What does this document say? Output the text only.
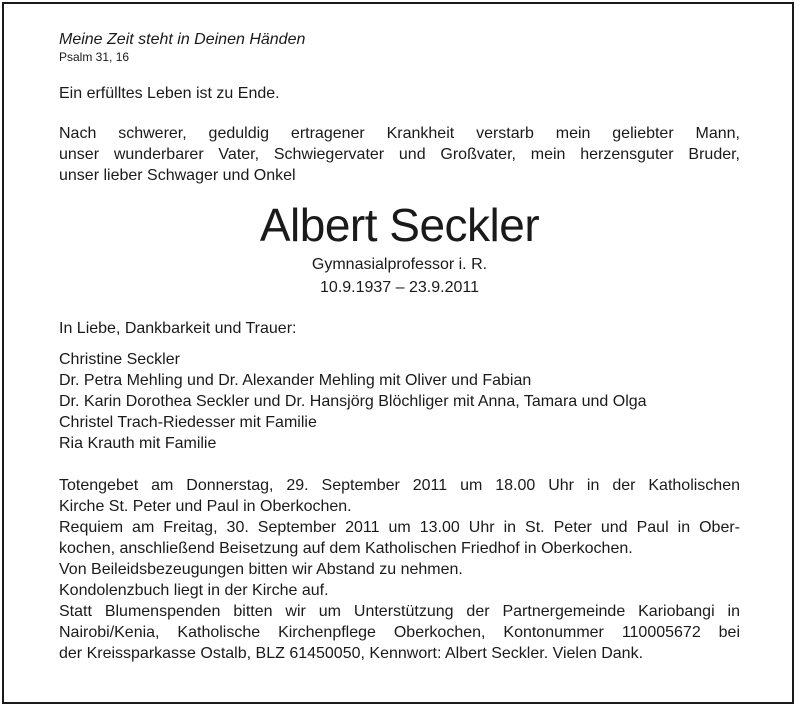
Meine Zeit steht in Deinen Händen

Psalm 31, 16

Ein erfülltes Leben ist zu Ende.

Nach schwerer, geduldig ertragener Krankheit verstarb mein geliebter Mann,
unser wunderbarer Vater, Schwiegervater und Großvater, mein herzensguter Bruder,
unser lieber Schwager und Onkel

Albert Seckler

Gymnasialprofessor i. R.

10.9.1937 – 23.9.2011

In Liebe, Dankbarkeit und Trauer:

Christine Seckler
Dr. Petra Mehling und Dr. Alexander Mehling mit Oliver und Fabian
Dr. Karin Dorothea Seckler und Dr. Hansjörg Blöchliger mit Anna, Tamara und Olga
Christel Trach-Riedesser mit Familie
Ria Krauth mit Familie
Totengebet am Donnerstag, 29. September 2011 um 18.00 Uhr in der Katholischen
Kirche St. Peter und Paul in Oberkochen.
Requiem am Freitag, 30. September 2011 um 13.00 Uhr in St. Peter und Paul in Ober-
kochen, anschließend Beisetzung auf dem Katholischen Friedhof in Oberkochen.
Von Beileidsbezeugungen bitten wir Abstand zu nehmen.
Kondolenzbuch liegt in der Kirche auf.
Statt Blumenspenden bitten wir um Unterstützung der Partnergemeinde Kariobangi in
Nairobi/Kenia, Katholische Kirchenpflege Oberkochen, Kontonummer 110005672 bei
der Kreissparkasse Ostalb, BLZ 61450050, Kennwort: Albert Seckler. Vielen Dank.
